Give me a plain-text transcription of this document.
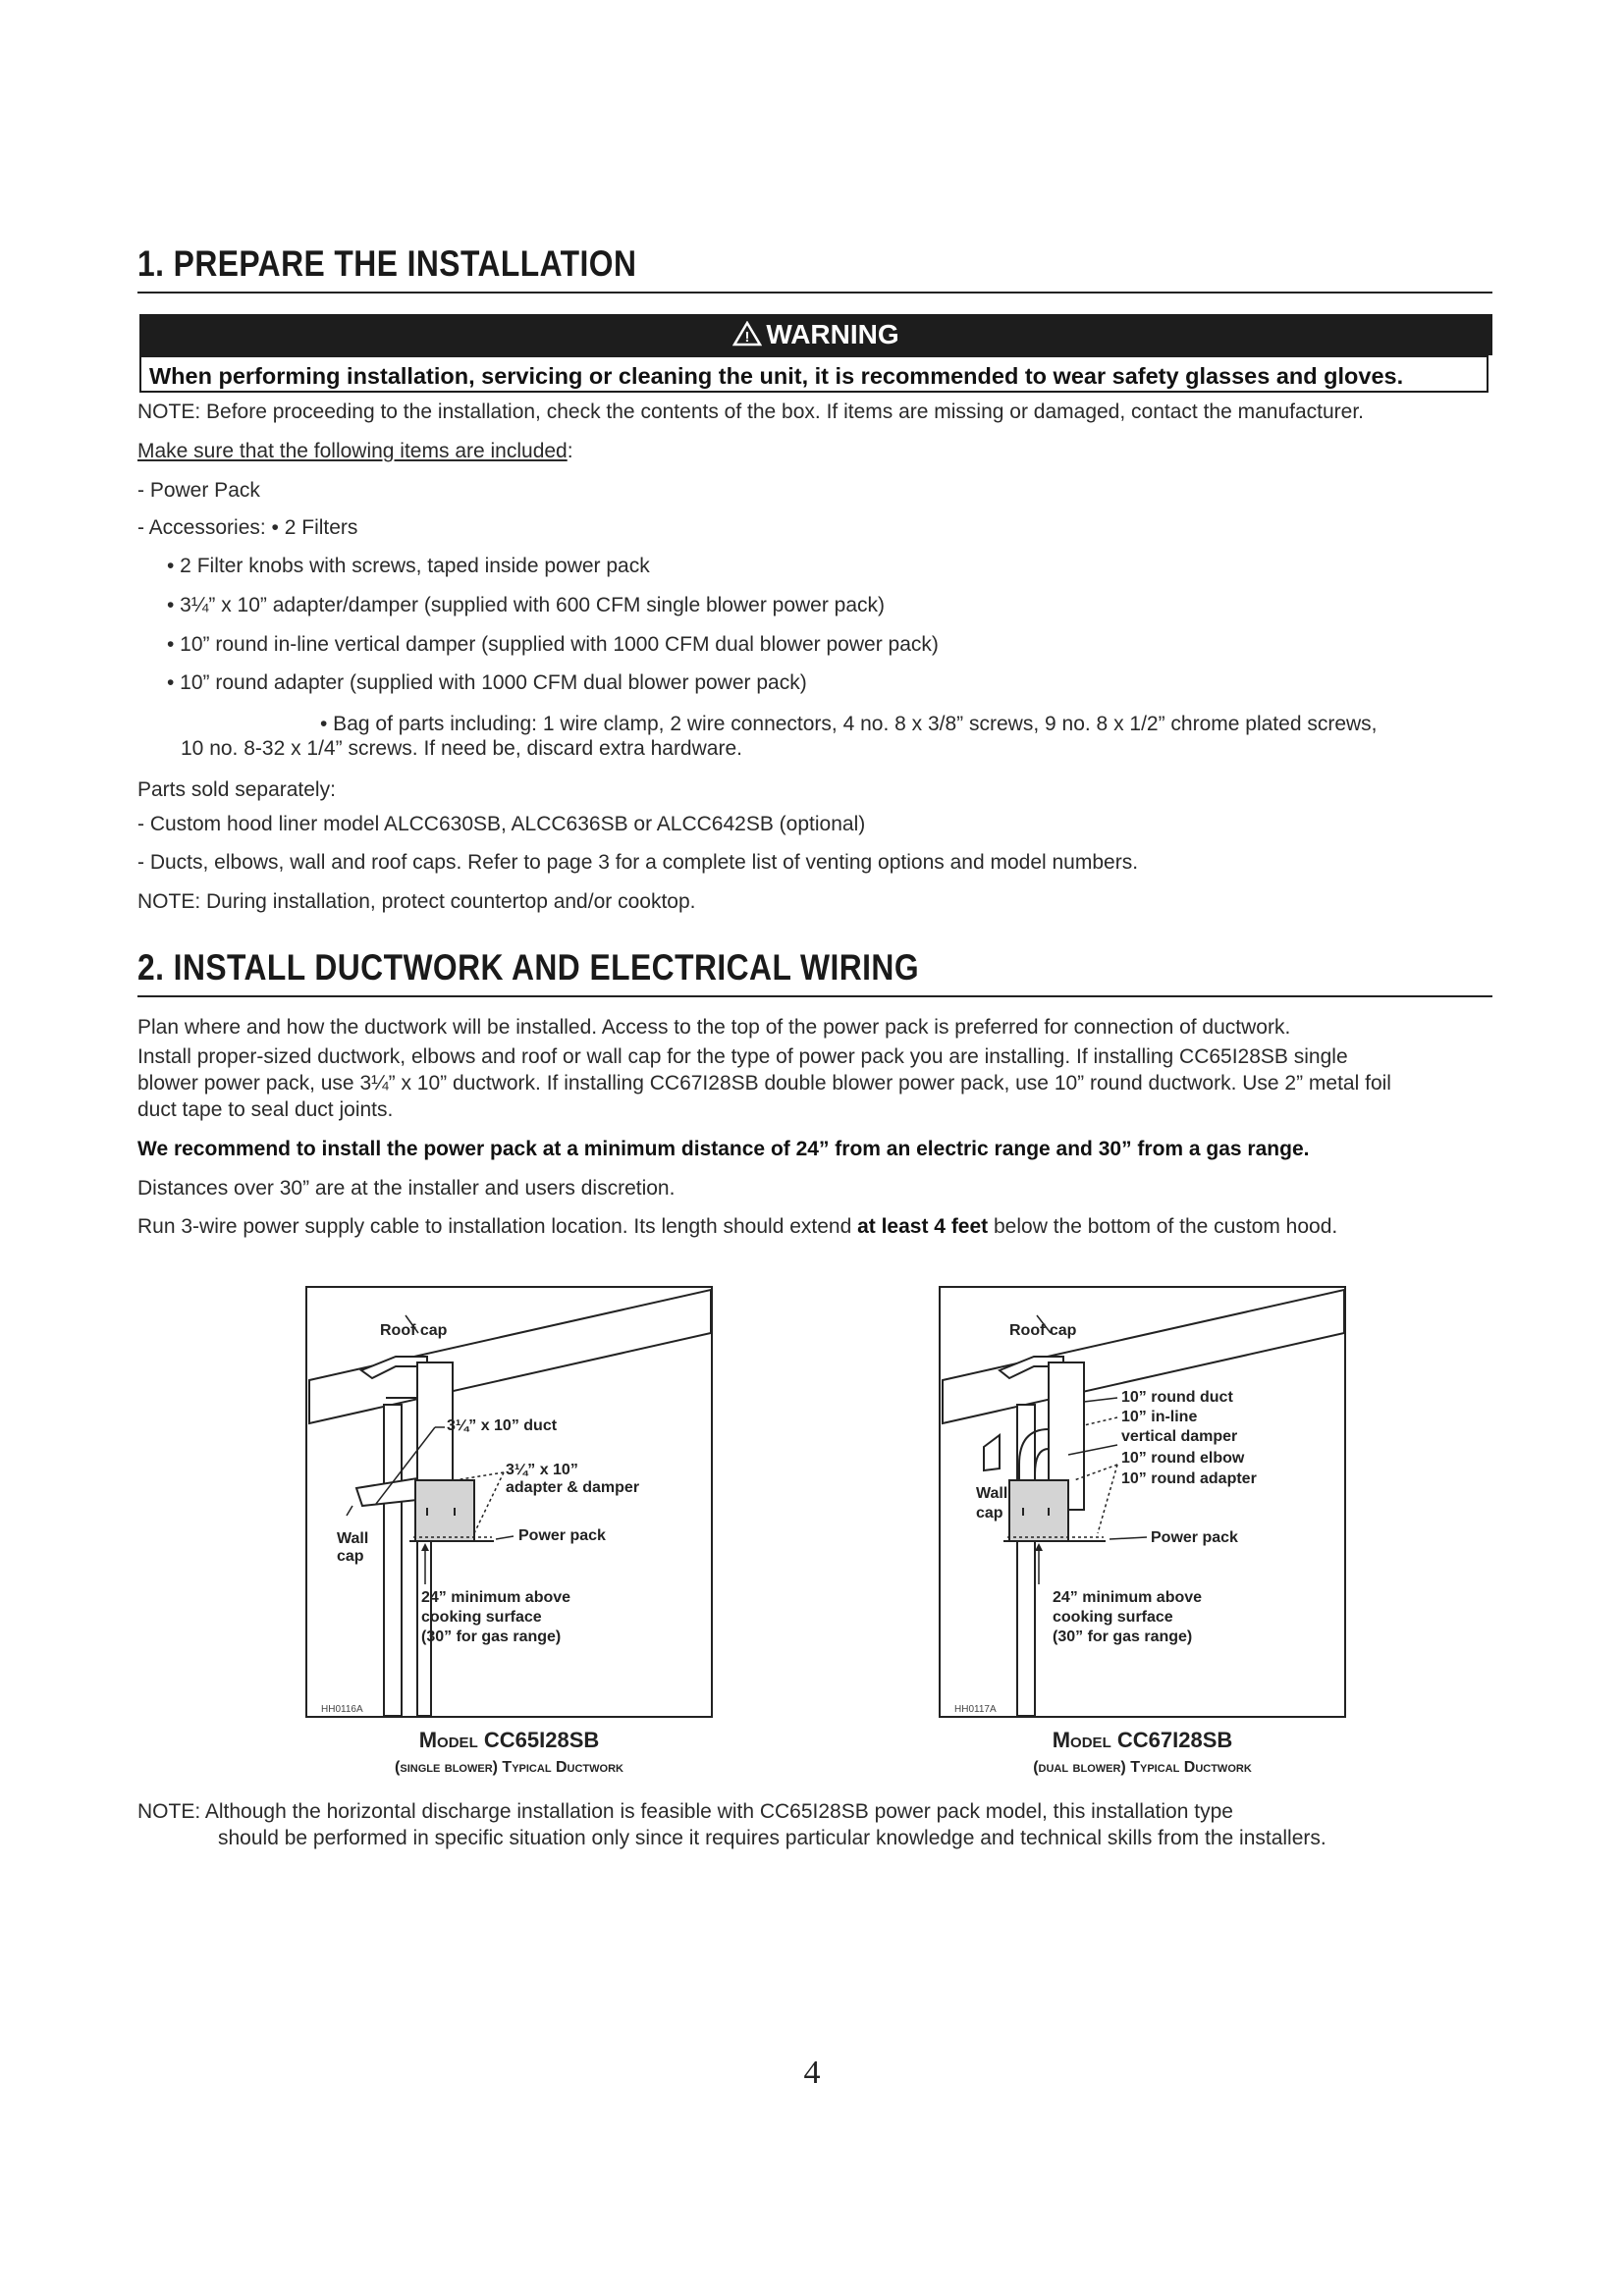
1. PREPARE THE INSTALLATION
! WARNING
When performing installation, servicing or cleaning the unit, it is recommended to wear safety glasses and gloves.
NOTE: Before proceeding to the installation, check the contents of the box. If items are missing or damaged, contact the manufacturer.
Make sure that the following items are included:
- Power Pack
- Accessories: • 2 Filters
• 2 Filter knobs with screws, taped inside power pack
• 3¼” x 10” adapter/damper (supplied with 600 CFM single blower power pack)
• 10” round in-line vertical damper (supplied with 1000 CFM dual blower power pack)
• 10” round adapter (supplied with 1000 CFM dual blower power pack)
• Bag of parts including: 1 wire clamp, 2 wire connectors, 4 no. 8 x 3/8” screws, 9 no. 8 x 1/2” chrome plated screws,
10 no. 8-32 x 1/4” screws. If need be, discard extra hardware.
Parts sold separately:
- Custom hood liner model ALCC630SB, ALCC636SB or ALCC642SB (optional)
- Ducts, elbows, wall and roof caps. Refer to page 3 for a complete list of venting options and model numbers.
NOTE: During installation, protect countertop and/or cooktop.
2. INSTALL DUCTWORK AND ELECTRICAL WIRING
Plan where and how the ductwork will be installed. Access to the top of the power pack is preferred for connection of ductwork.
Install proper-sized ductwork, elbows and roof or wall cap for the type of power pack you are installing. If installing CC65I28SB single
blower power pack, use 3¼” x 10” ductwork. If installing CC67I28SB double blower power pack, use 10” round ductwork. Use 2” metal foil
duct tape to seal duct joints.
We recommend to install the power pack at a minimum distance of 24” from an electric range and 30” from a gas range.
Distances over 30” are at the installer and users discretion.
Run 3-wire power supply cable to installation location. Its length should extend at least 4 feet below the bottom of the custom hood.
Roof cap
3¼” x 10” duct
3¼” x 10”
adapter & damper
Wall
cap
Power pack
24” minimum above
cooking surface
(30” for gas range)
HH0116A
Model CC65I28SB
(single blower) Typical Ductwork
Roof cap
10” round duct
10” in-line
vertical damper
10” round elbow
10” round adapter
Wall
cap
Power pack
24” minimum above
cooking surface
(30” for gas range)
HH0117A
Model CC67I28SB
(dual blower) Typical Ductwork
NOTE: Although the horizontal discharge installation is feasible with CC65I28SB power pack model, this installation type
should be performed in specific situation only since it requires particular knowledge and technical skills from the installers.
4
